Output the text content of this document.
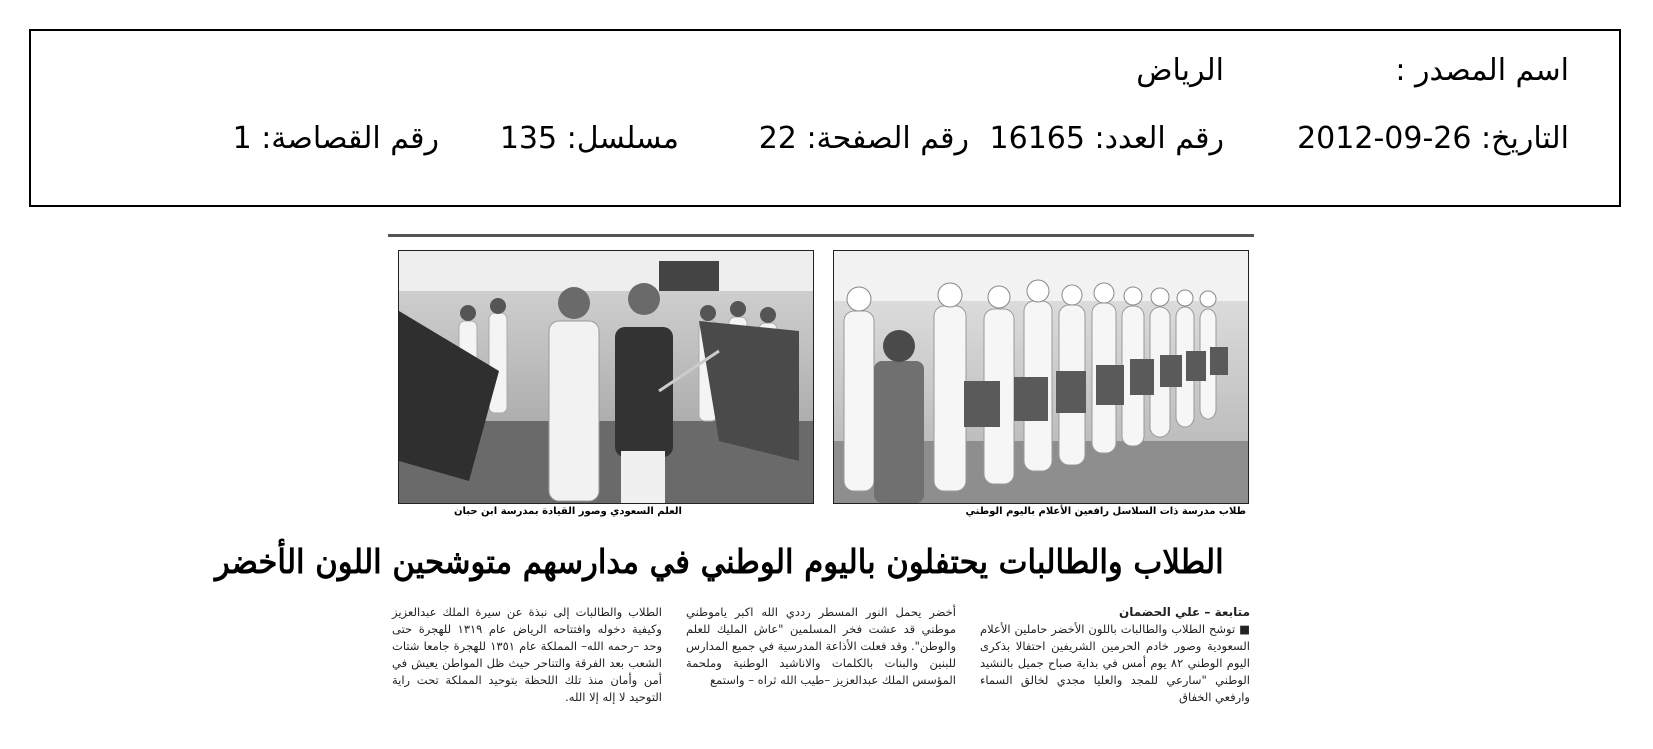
اسم المصدر :
الرياض
التاريخ: 26-09-2012
رقم العدد: 16165
رقم الصفحة: 22
مسلسل: 135
رقم القصاصة: 1
العلم السعودي وصور القيادة بمدرسة ابن حبان	طلاب مدرسة ذات السلاسل رافعين الأعلام باليوم الوطني
الطلاب والطالبات يحتفلون باليوم الوطني في مدارسهم متوشحين اللون الأخضر
متابعة – علي الحضمان
■ توشح الطلاب والطالبات باللون الأخضر حاملين الأعلام السعودية وصور خادم الحرمين الشريفين احتفالا بذكرى اليوم الوطني ٨٢ يوم أمس في بداية صباح جميل بالنشيد الوطني "سارعي للمجد والعليا مجدي لخالق السماء وارفعي الخفاق
أخضر يحمل النور المسطر رددي الله اكبر ياموطني موطني قد عشت فخر المسلمين "عاش المليك للعلم والوطن". وقد فعلت الأذاعة المدرسية في جميع المدارس للبنين والبنات بالكلمات والاناشيد الوطنية وملحمة المؤسس الملك عبدالعزيز –طيب الله ثراه – واستمع
الطلاب والطالبات إلى نبذة عن سيرة الملك عبدالعزيز وكيفية دخوله وافتتاحه الرياض عام ١٣١٩ للهجرة حتى وحد –رحمه الله– المملكة عام ١٣٥١ للهجرة جامعا شتات الشعب بعد الفرقة والتناحر حيث ظل المواطن يعيش في أمن وأمان منذ تلك اللحظة بتوحيد المملكة تحت راية التوحيد لا إله إلا الله.
